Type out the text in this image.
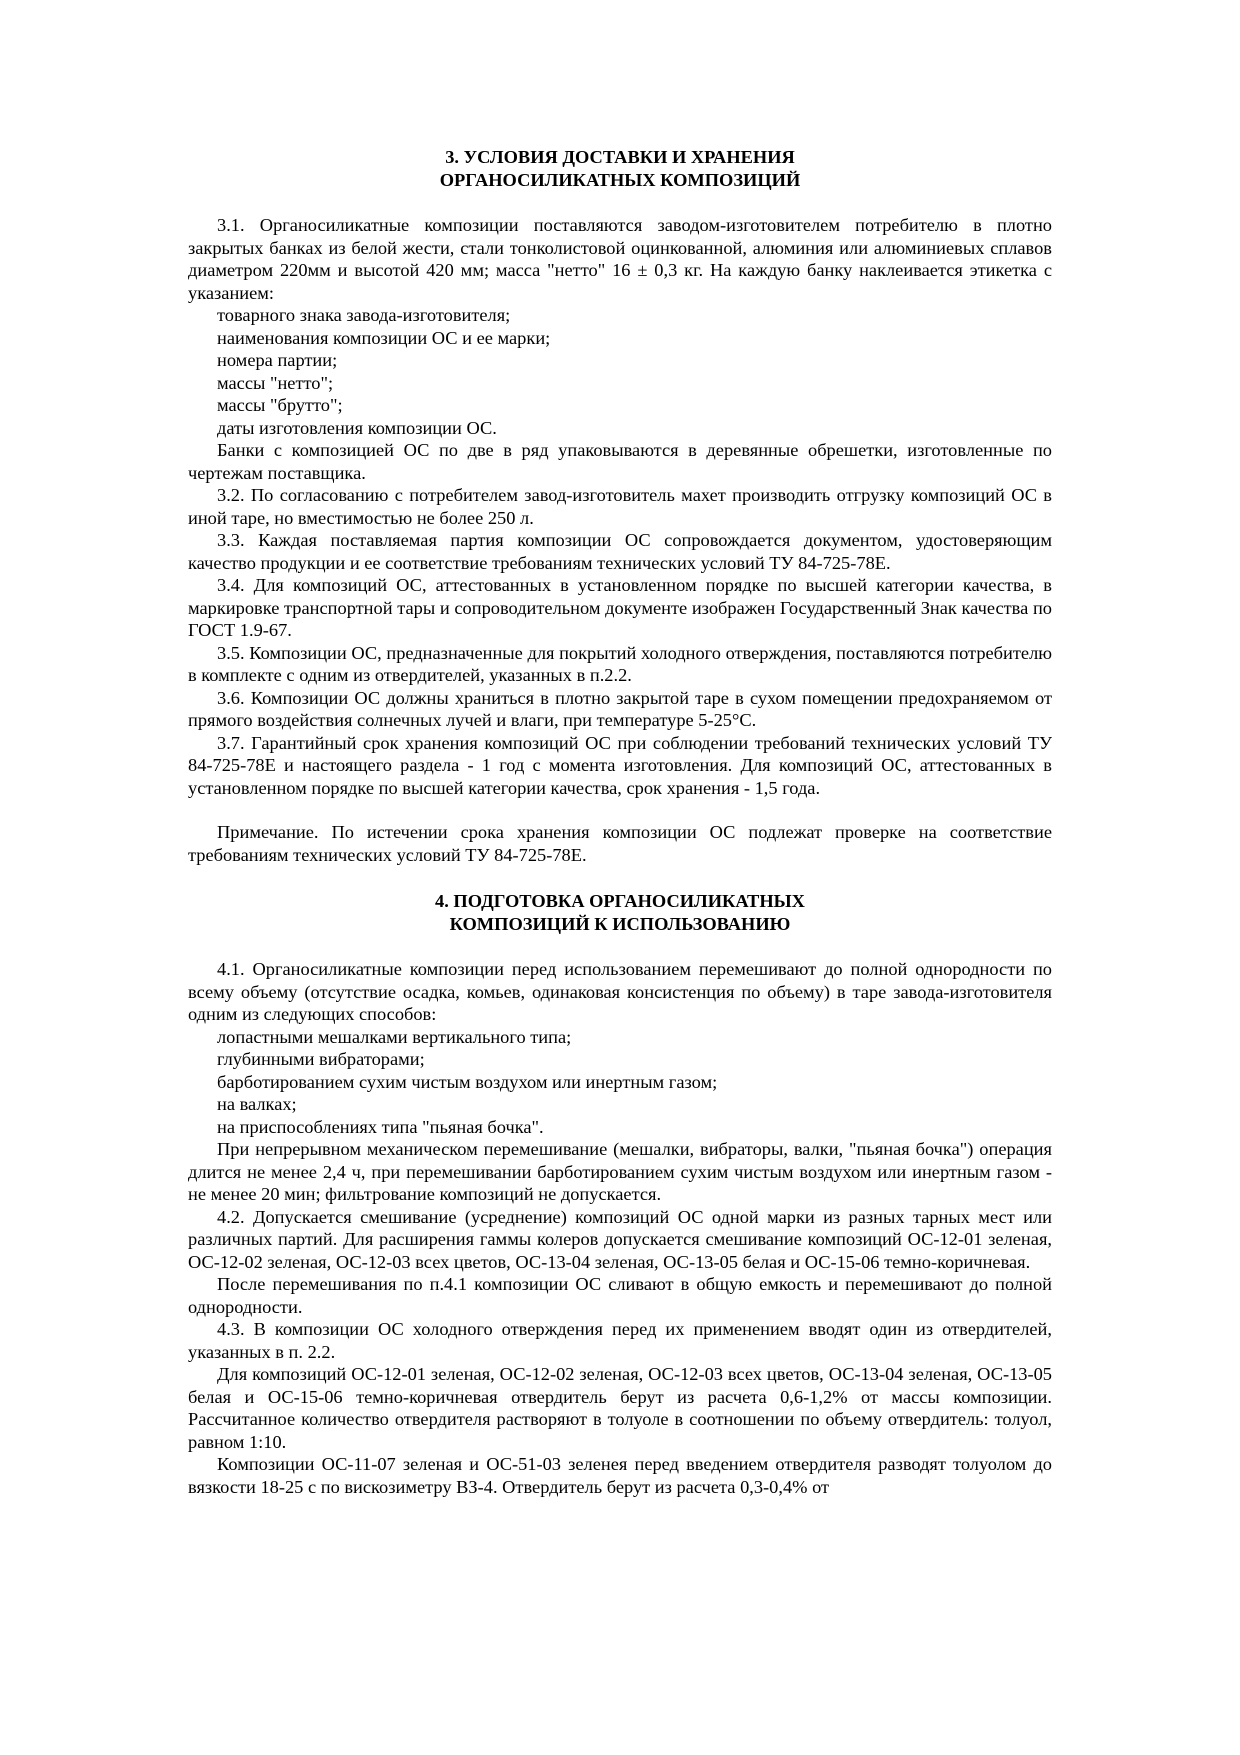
3. УСЛОВИЯ ДОСТАВКИ И ХРАНЕНИЯ
ОРГАНОСИЛИКАТНЫХ КОМПОЗИЦИЙ

3.1. Органосиликатные композиции поставляются заводом-изготовителем потребителю в плотно закрытых банках из белой жести, стали тонколистовой оцинкованной, алюминия или алюминиевых сплавов диаметром 220мм и высотой 420 мм; масса "нетто" 16 ± 0,3 кг. На каждую банку наклеивается этикетка с указанием:

товарного знака завода-изготовителя;
наименования композиции ОС и ее марки;
номера партии;
массы "нетто";
массы "брутто";
даты изготовления композиции ОС.

Банки с композицией ОС по две в ряд упаковываются в деревянные обрешетки, изготовленные по чертежам поставщика.

3.2. По согласованию с потребителем завод-изготовитель махет производить отгрузку композиций ОС в иной таре, но вместимостью не более 250 л.

3.3. Каждая поставляемая партия композиции ОС сопровождается документом, удостоверяющим качество продукции и ее соответствие требованиям технических условий ТУ 84-725-78Е.

3.4. Для композиций ОС, аттестованных в установленном порядке по высшей категории качества, в маркировке транспортной тары и сопроводительном документе изображен Государственный Знак качества по ГОСТ 1.9-67.

3.5. Композиции ОС, предназначенные для покрытий холодного отверждения, поставляются потребителю в комплекте с одним из отвердителей, указанных в п.2.2.

3.6. Композиции ОС должны храниться в плотно закрытой таре в сухом помещении предохраняемом от прямого воздействия солнечных лучей и влаги, при температуре 5-25°С.

3.7. Гарантийный срок хранения композиций ОС при соблюдении требований технических условий ТУ 84-725-78Е и настоящего раздела - 1 год с момента изготовления. Для композиций ОС, аттестованных в установленном порядке по высшей категории качества, срок хранения - 1,5 года.

Примечание. По истечении срока хранения композиции ОС подлежат проверке на соответствие требованиям технических условий ТУ 84-725-78Е.

4. ПОДГОТОВКА ОРГАНОСИЛИКАТНЫХ
КОМПОЗИЦИЙ К ИСПОЛЬЗОВАНИЮ

4.1. Органосиликатные композиции перед использованием перемешивают до полной однородности по всему объему (отсутствие осадка, комьев, одинаковая консистенция по объему) в таре завода-изготовителя одним из следующих способов:

лопастными мешалками вертикального типа;
глубинными вибраторами;
барботированием сухим чистым воздухом или инертным газом;
на валках;
на приспособлениях типа "пьяная бочка".

При непрерывном механическом перемешивание (мешалки, вибраторы, валки, "пьяная бочка") операция длится не менее 2,4 ч, при перемешивании барботированием сухим чистым воздухом или инертным газом - не менее 20 мин; фильтрование композиций не допускается.

4.2. Допускается смешивание (усреднение) композиций ОС одной марки из разных тарных мест или различных партий. Для расширения гаммы колеров допускается смешивание композиций ОС-12-01 зеленая, ОС-12-02 зеленая, ОС-12-03 всех цветов, ОС-13-04 зеленая, ОС-13-05 белая и ОС-15-06 темно-коричневая.

После перемешивания по п.4.1 композиции ОС сливают в общую емкость и перемешивают до полной однородности.

4.3. В композиции ОС холодного отверждения перед их применением вводят один из отвердителей, указанных в п. 2.2.

Для композиций ОС-12-01 зеленая, ОС-12-02 зеленая, ОС-12-03 всех цветов, ОС-13-04 зеленая, ОС-13-05 белая и ОС-15-06 темно-коричневая отвердитель берут из расчета 0,6-1,2% от массы композиции. Рассчитанное количество отвердителя растворяют в толуоле в соотношении по объему отвердитель: толуол, равном 1:10.

Композиции ОС-11-07 зеленая и ОС-51-03 зеленея перед введением отвердителя разводят толуолом до вязкости 18-25 с по вискозиметру ВЗ-4. Отвердитель берут из расчета 0,3-0,4% от
